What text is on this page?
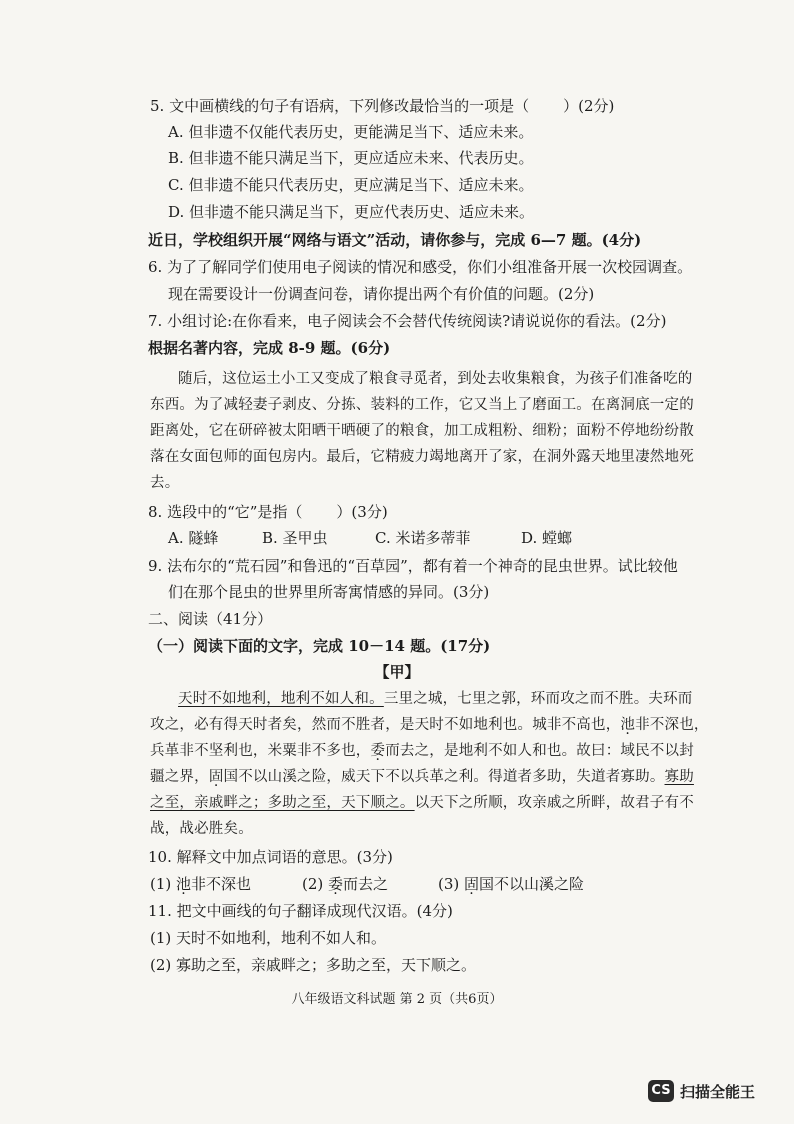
5. 文中画横线的句子有语病，下列修改最恰当的一项是（ ）(2分)
A. 但非遗不仅能代表历史，更能满足当下、适应未来。
B. 但非遗不能只满足当下，更应适应未来、代表历史。
C. 但非遗不能只代表历史，更应满足当下、适应未来。
D. 但非遗不能只满足当下，更应代表历史、适应未来。
近日，学校组织开展“网络与语文”活动，请你参与，完成 6—7 题。(4分)
6. 为了了解同学们使用电子阅读的情况和感受，你们小组准备开展一次校园调查。
现在需要设计一份调查问卷，请你提出两个有价值的问题。(2分)
7. 小组讨论:在你看来，电子阅读会不会替代传统阅读?请说说你的看法。(2分)
根据名著内容，完成 8-9 题。(6分)
随后，这位运土小工又变成了粮食寻觅者，到处去收集粮食，为孩子们准备吃的
东西。为了减轻妻子剥皮、分拣、装料的工作，它又当上了磨面工。在离洞底一定的
距离处，它在研碎被太阳晒干晒硬了的粮食，加工成粗粉、细粉；面粉不停地纷纷散
落在女面包师的面包房内。最后，它精疲力竭地离开了家，在洞外露天地里凄然地死
去。
8. 选段中的“它”是指（ ）(3分)
A. 隧蜂	B. 圣甲虫	C. 米诺多蒂菲	D. 螳螂
9. 法布尔的“荒石园”和鲁迅的“百草园”，都有着一个神奇的昆虫世界。试比较他
们在那个昆虫的世界里所寄寓情感的异同。(3分)
二、阅读（41分）
（一）阅读下面的文字，完成 10－14 题。(17分)
【甲】
天时不如地利，地利不如人和。三里之城，七里之郭，环而攻之而不胜。夫环而
攻之，必有得天时者矣，然而不胜者，是天时不如地利也。城非不高也，池非不深也，
兵革非不坚利也，米粟非不多也，委而去之，是地利不如人和也。故曰：域民不以封
疆之界，固国不以山溪之险，威天下不以兵革之利。得道者多助，失道者寡助。寡助
之至，亲戚畔之；多助之至，天下顺之。以天下之所顺，攻亲戚之所畔，故君子有不
战，战必胜矣。
10. 解释文中加点词语的意思。(3分)
(1) 池非不深也	(2) 委而去之	(3) 固国不以山溪之险
11. 把文中画线的句子翻译成现代汉语。(4分)
(1) 天时不如地利，地利不如人和。
(2) 寡助之至，亲戚畔之；多助之至，天下顺之。
八年级语文科试题 第 2 页（共6页）
CS 扫描全能王
